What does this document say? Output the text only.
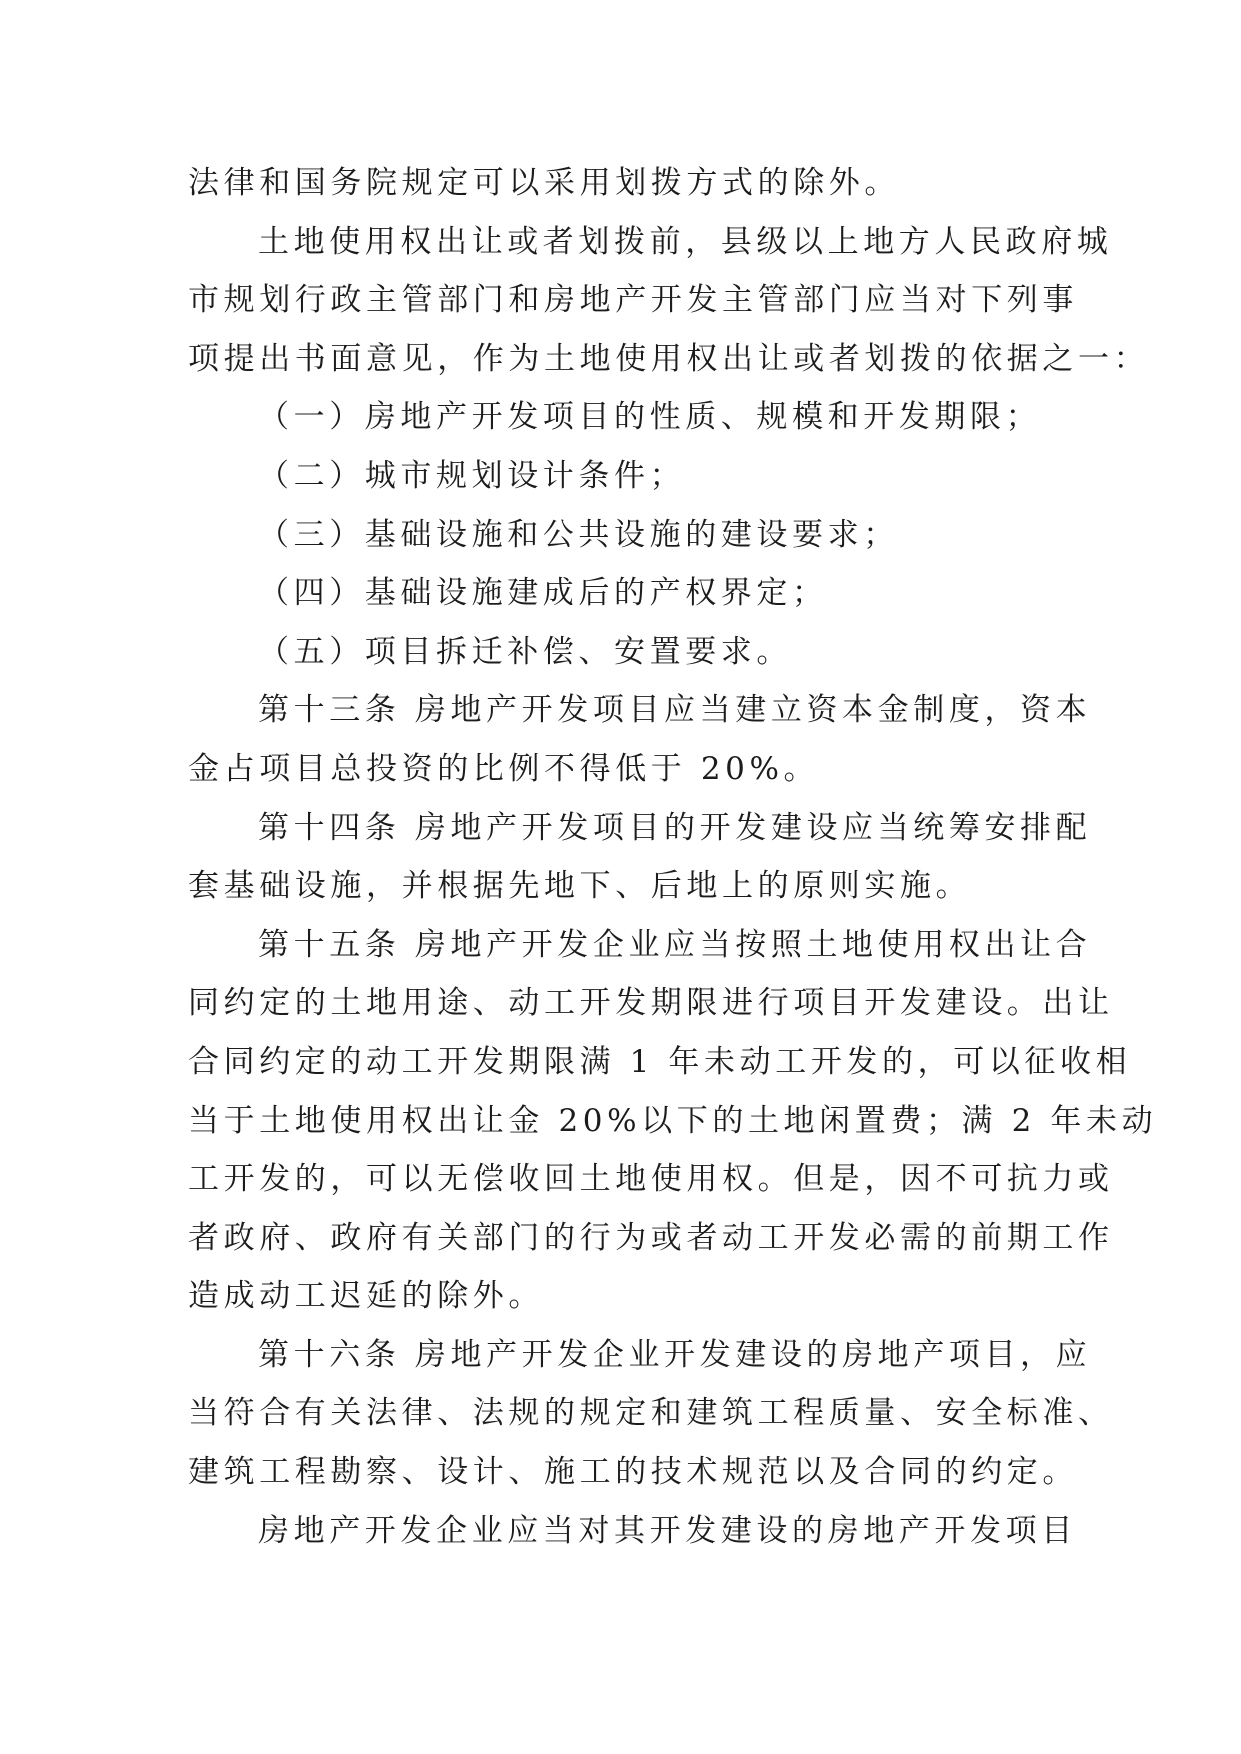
法律和国务院规定可以采用划拨方式的除外。
土地使用权出让或者划拨前，县级以上地方人民政府城
市规划行政主管部门和房地产开发主管部门应当对下列事
项提出书面意见，作为土地使用权出让或者划拨的依据之一：
（一）房地产开发项目的性质、规模和开发期限；
（二）城市规划设计条件；
（三）基础设施和公共设施的建设要求；
（四）基础设施建成后的产权界定；
（五）项目拆迁补偿、安置要求。
第十三条 房地产开发项目应当建立资本金制度，资本
金占项目总投资的比例不得低于 20%。
第十四条 房地产开发项目的开发建设应当统筹安排配
套基础设施，并根据先地下、后地上的原则实施。
第十五条 房地产开发企业应当按照土地使用权出让合
同约定的土地用途、动工开发期限进行项目开发建设。出让
合同约定的动工开发期限满 1 年未动工开发的，可以征收相
当于土地使用权出让金 20%以下的土地闲置费；满 2 年未动
工开发的，可以无偿收回土地使用权。但是，因不可抗力或
者政府、政府有关部门的行为或者动工开发必需的前期工作
造成动工迟延的除外。
第十六条 房地产开发企业开发建设的房地产项目，应
当符合有关法律、法规的规定和建筑工程质量、安全标准、
建筑工程勘察、设计、施工的技术规范以及合同的约定。
房地产开发企业应当对其开发建设的房地产开发项目
